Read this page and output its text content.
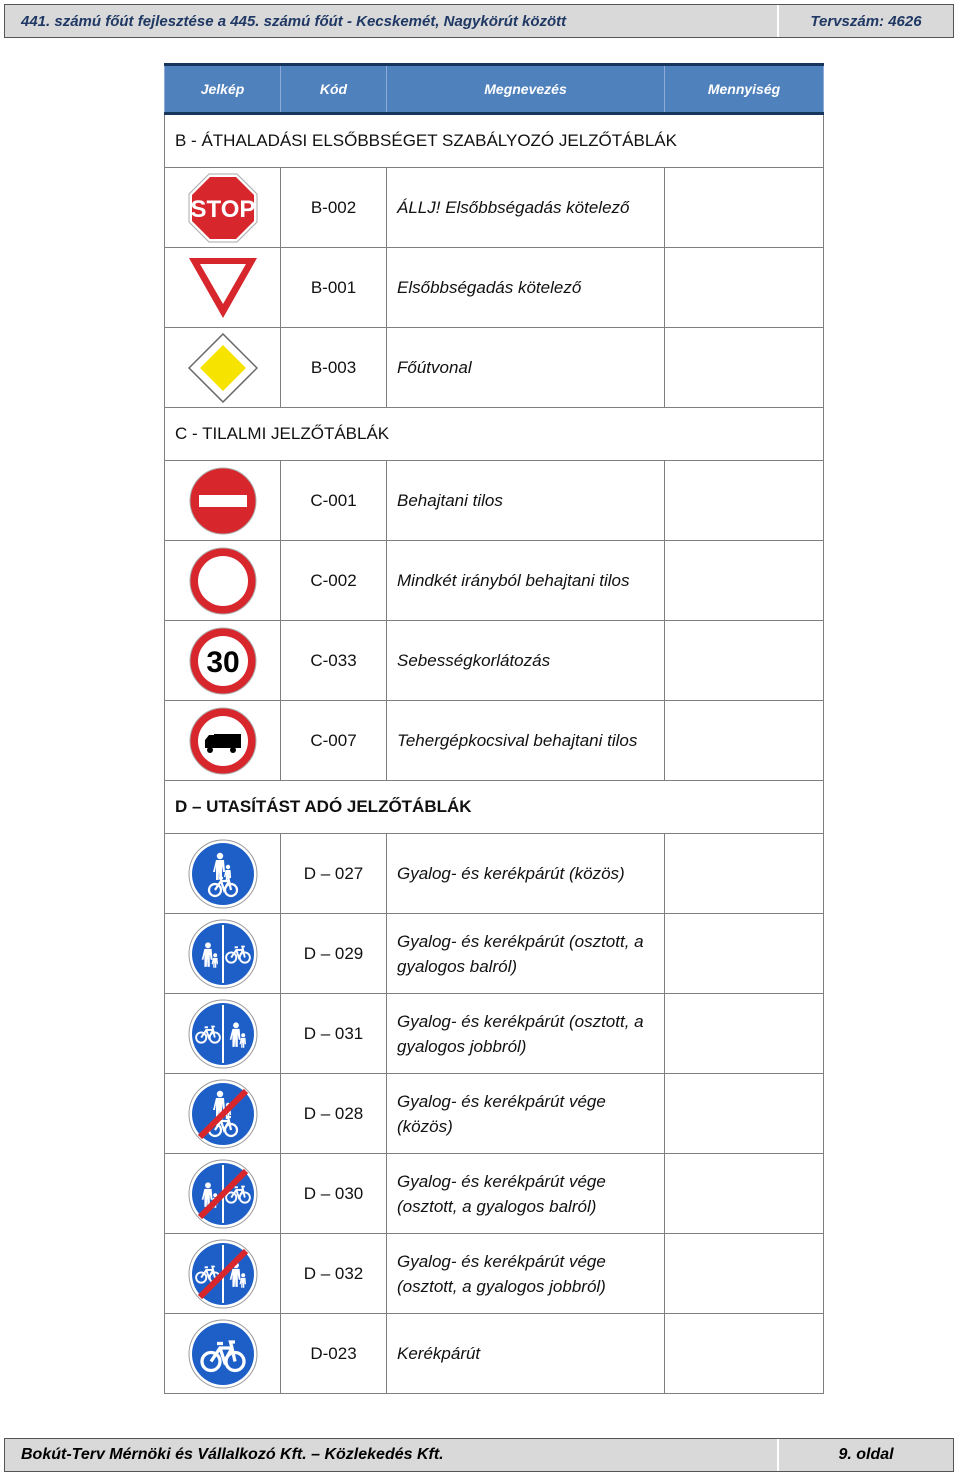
441. számú főút fejlesztése a 445. számú főút - Kecskemét, Nagykörút között	Tervszám: 4626
Jelkép	Kód	Megnevezés	Mennyiség
B - ÁTHALADÁSI ELSŐBBSÉGET SZABÁLYOZÓ JELZŐTÁBLÁK			

STOP	B-002	ÁLLJ! Elsőbbségadás kötelező	

	B-001	Elsőbbségadás kötelező	

	B-003	Főútvonal	
C - TILALMI JELZŐTÁBLÁK			

	C-001	Behajtani tilos	

	C-002	Mindkét irányból behajtani tilos	

30	C-033	Sebességkorlátozás	

	C-007	Tehergépkocsival behajtani tilos	
D – UTASÍTÁST ADÓ JELZŐTÁBLÁK			

	D – 027	Gyalog- és kerékpárút (közös)	

	D – 029	Gyalog- és kerékpárút (osztott, a gyalogos balról)	

	D – 031	Gyalog- és kerékpárút (osztott, a gyalogos jobbról)	

	D – 028	Gyalog- és kerékpárút vége (közös)	

	D – 030	Gyalog- és kerékpárút vége (osztott, a gyalogos balról)	

	D – 032	Gyalog- és kerékpárút vége (osztott, a gyalogos jobbról)	

	D-023	Kerékpárút	
Bokút-Terv Mérnöki és Vállalkozó Kft. – Közlekedés Kft.	9. oldal
